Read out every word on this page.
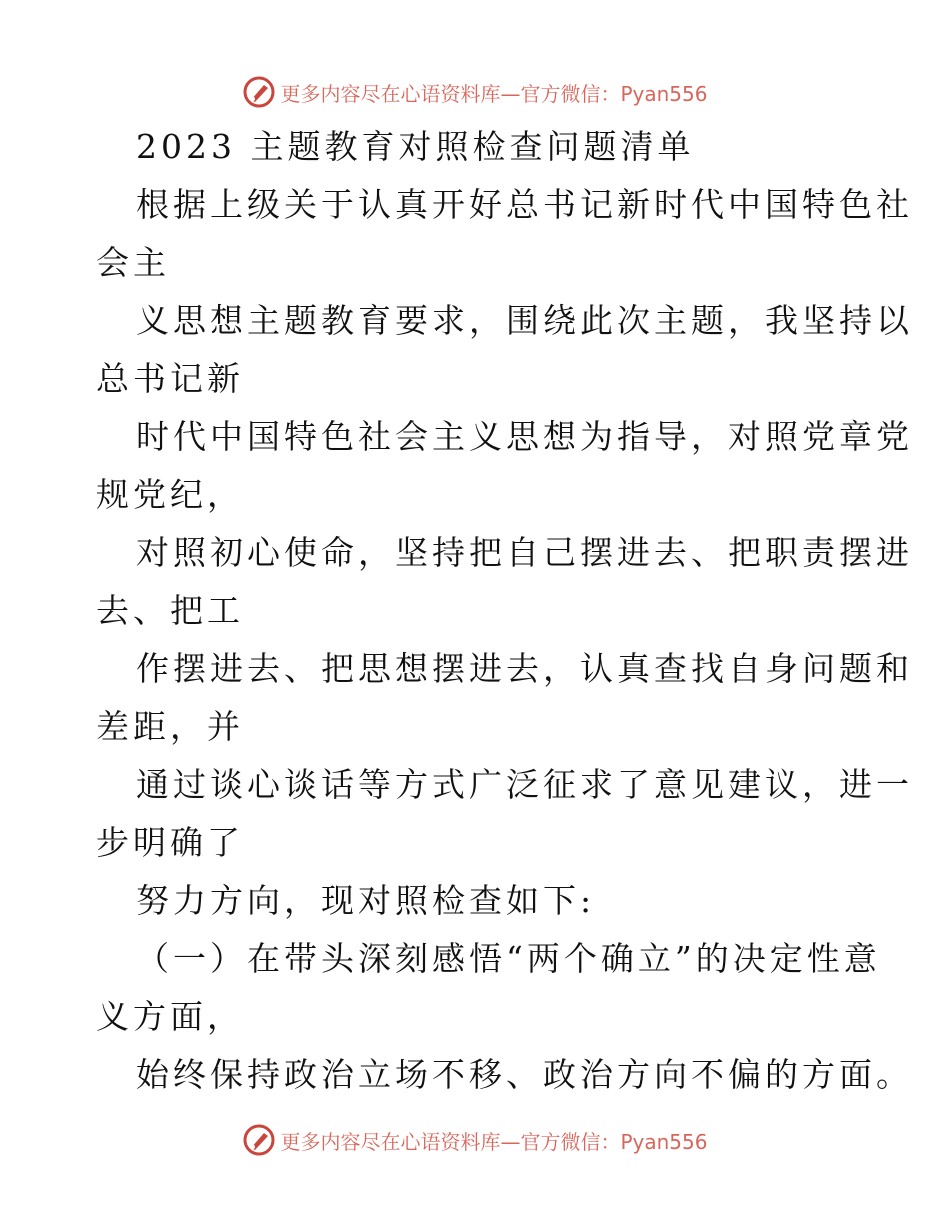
更多内容尽在心语资料库—官方微信：Pyan556
2023 主题教育对照检查问题清单
根据上级关于认真开好总书记新时代中国特色社
会主
义思想主题教育要求，围绕此次主题，我坚持以
总书记新
时代中国特色社会主义思想为指导，对照党章党
规党纪，
对照初心使命，坚持把自己摆进去、把职责摆进
去、把工
作摆进去、把思想摆进去，认真查找自身问题和
差距，并
通过谈心谈话等方式广泛征求了意见建议，进一
步明确了
努力方向，现对照检查如下:
（一）在带头深刻感悟“两个确立”的决定性意
义方面，
始终保持政治立场不移、政治方向不偏的方面。
更多内容尽在心语资料库—官方微信：Pyan556
